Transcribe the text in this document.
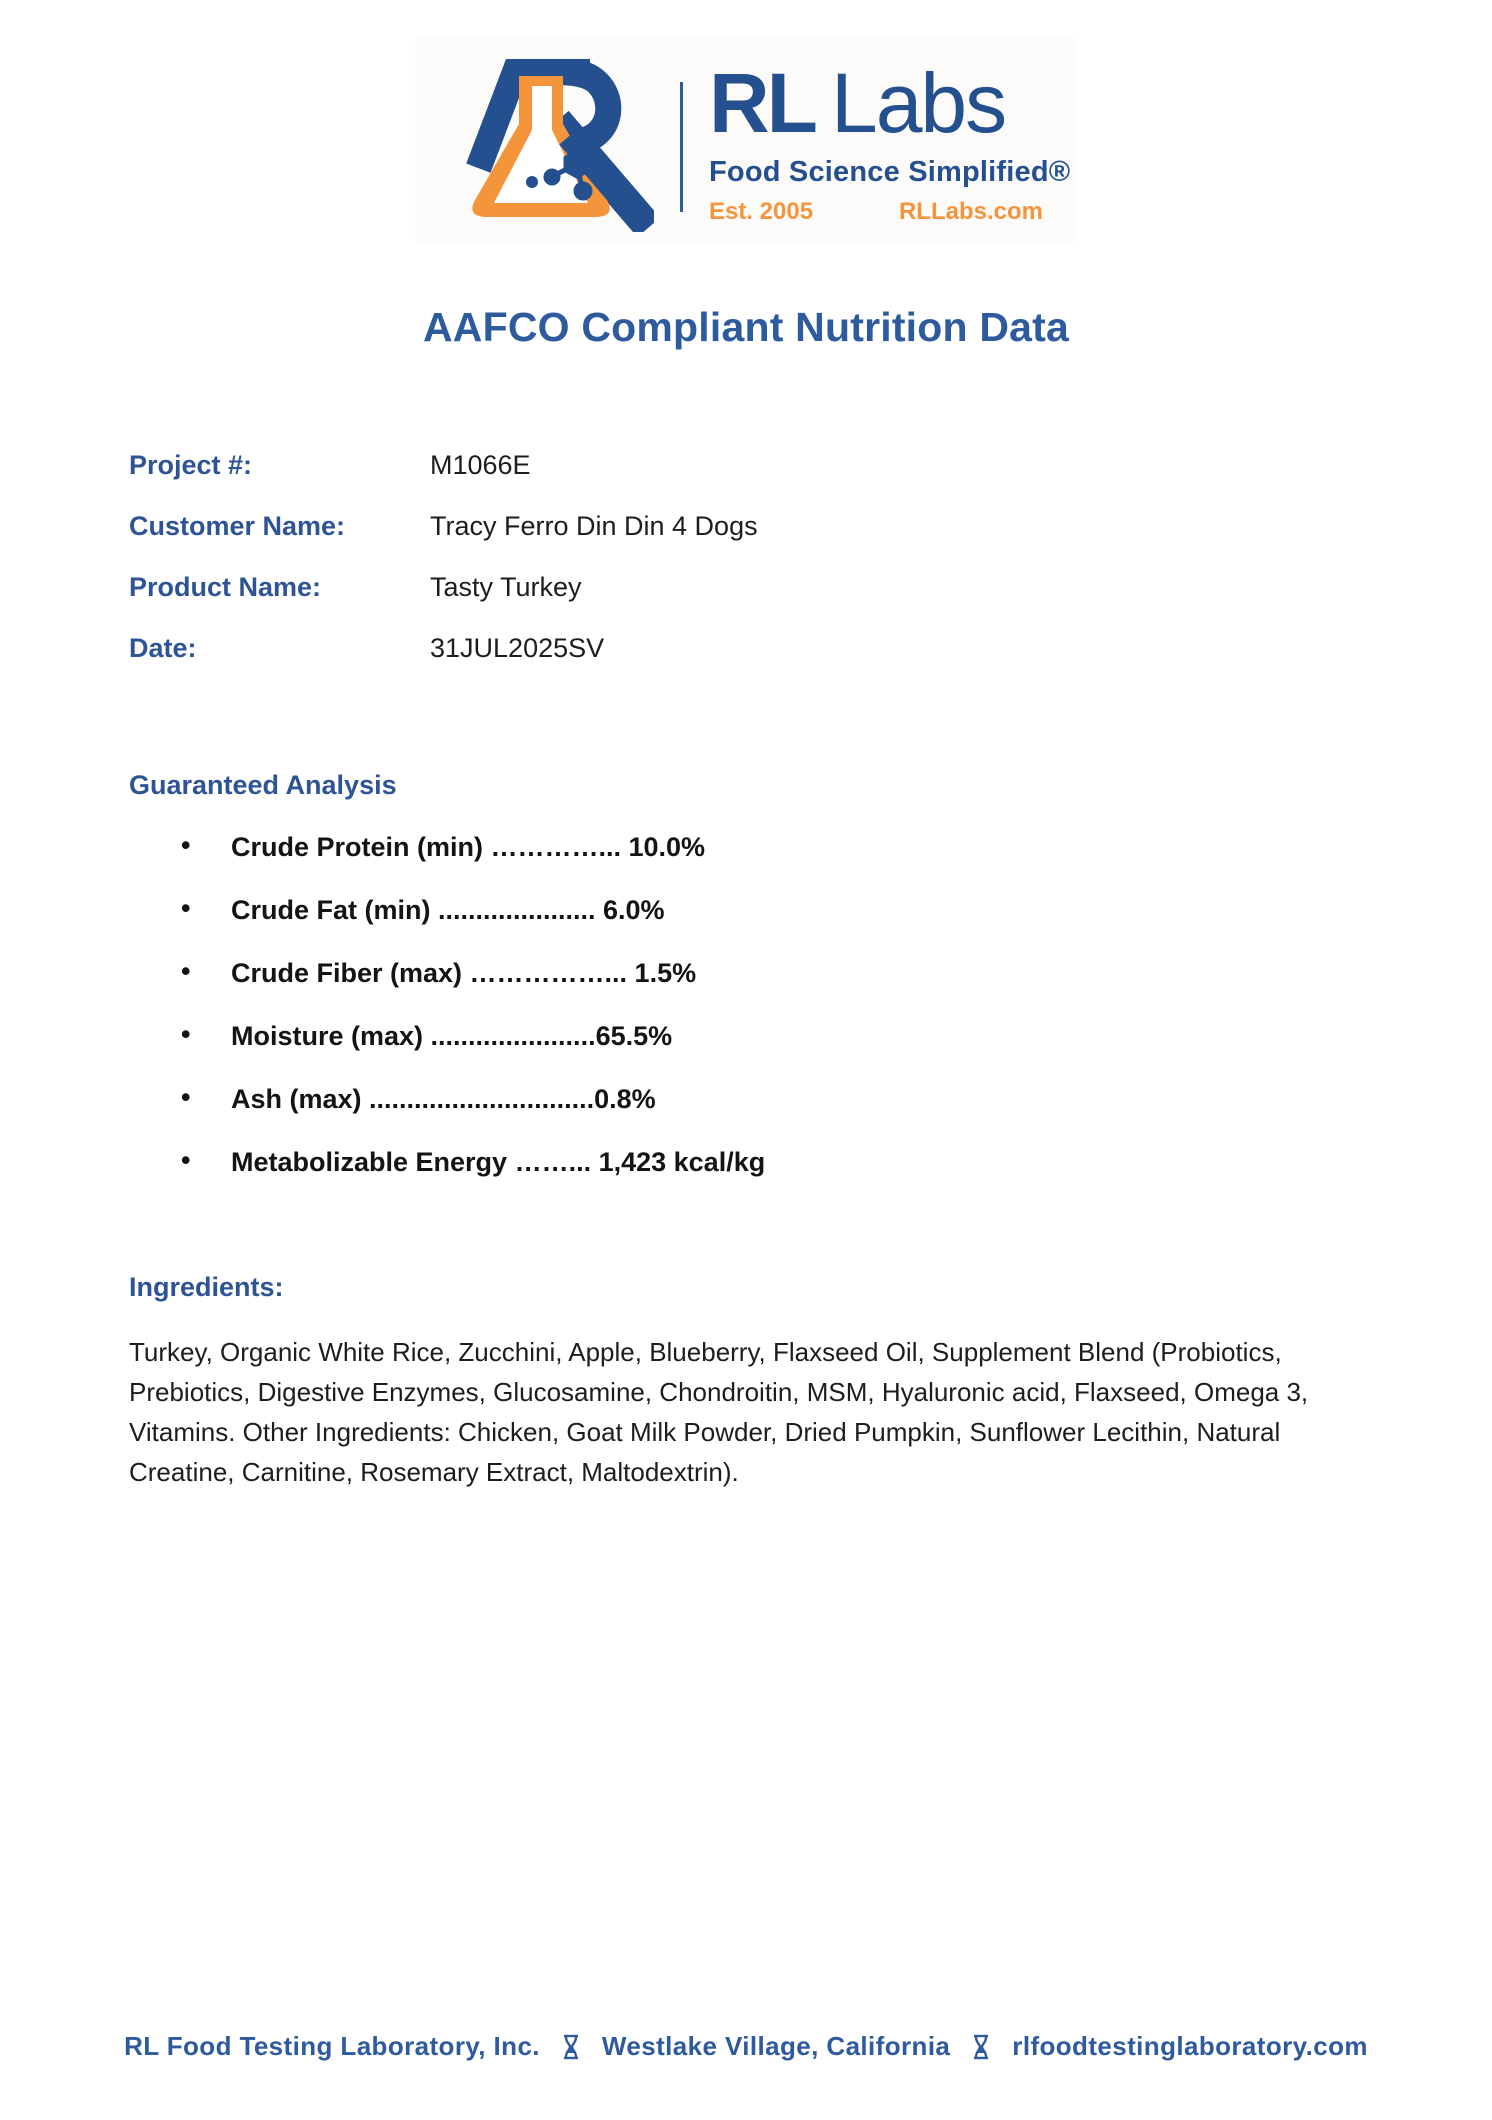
®
RL Labs
Food Science Simplified®
Est. 2005	RLLabs.com
AAFCO Compliant Nutrition Data
Project #:	M1066E
Customer Name:	Tracy Ferro Din Din 4 Dogs
Product Name:	Tasty Turkey
Date:	31JUL2025SV
Guaranteed Analysis
• Crude Protein (min) …………... 10.0%
• Crude Fat (min) ..................... 6.0%
• Crude Fiber (max) ……………... 1.5%
• Moisture (max) ......................65.5%
• Ash (max) ..............................0.8%
• Metabolizable Energy ……... 1,423 kcal/kg
Ingredients:

Turkey, Organic White Rice, Zucchini, Apple, Blueberry, Flaxseed Oil, Supplement Blend (Probiotics, Prebiotics, Digestive Enzymes, Glucosamine, Chondroitin, MSM, Hyaluronic acid, Flaxseed, Omega 3, Vitamins. Other Ingredients: Chicken, Goat Milk Powder, Dried Pumpkin, Sunflower Lecithin, Natural Creatine, Carnitine, Rosemary Extract, Maltodextrin).

RL Food Testing Laboratory, Inc. Westlake Village, California rlfoodtestinglaboratory.com
